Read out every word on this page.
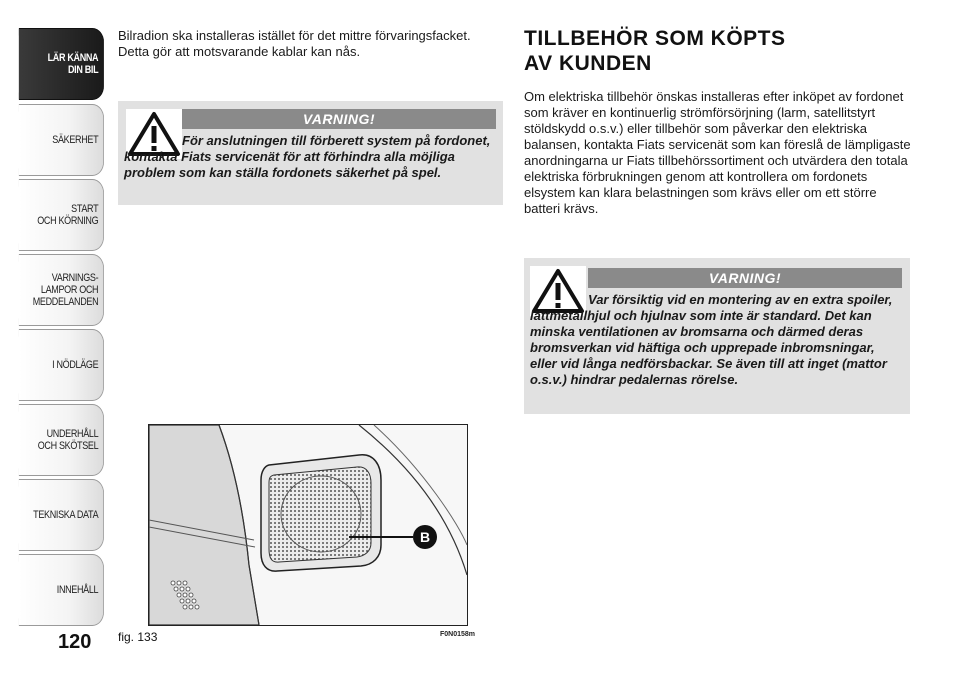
LÄR KÄNNA
DIN BIL
SÄKERHET
START
OCH KÖRNING
VARNINGS-
LAMPOR OCH
MEDDELANDEN
I NÖDLÄGE
UNDERHÅLL
OCH SKÖTSEL
TEKNISKA DATA
INNEHÅLL
120
Bilradion ska installeras istället för det mittre förvaringsfacket. Detta gör att motsvarande kablar kan nås.
VARNING!
För anslutningen till förberett system på fordonet, kontakta Fiats servicenät för att förhindra alla möjliga problem som kan ställa fordonets säkerhet på spel.
B
fig. 133	F0N0158m
TILLBEHÖR SOM KÖPTS
AV KUNDEN
Om elektriska tillbehör önskas installeras efter inköpet av fordonet som kräver en kontinuerlig strömförsörjning (larm, satellitstyrt stöldskydd o.s.v.) eller tillbehör som påverkar den elektriska balansen, kontakta Fiats servicenät som kan föreslå de lämpligaste anordningarna ur Fiats tillbehörssortiment och utvärdera den totala elektriska förbrukningen genom att kontrollera om fordonets elsystem kan klara belastningen som krävs eller om ett större batteri krävs.
VARNING!
Var försiktig vid en montering av en extra spoiler, lättmetallhjul och hjulnav som inte är standard. Det kan minska ventilationen av bromsarna och därmed deras bromsverkan vid häftiga och upprepade inbromsningar, eller vid långa nedförsbackar. Se även till att inget (mattor o.s.v.) hindrar pedalernas rörelse.
